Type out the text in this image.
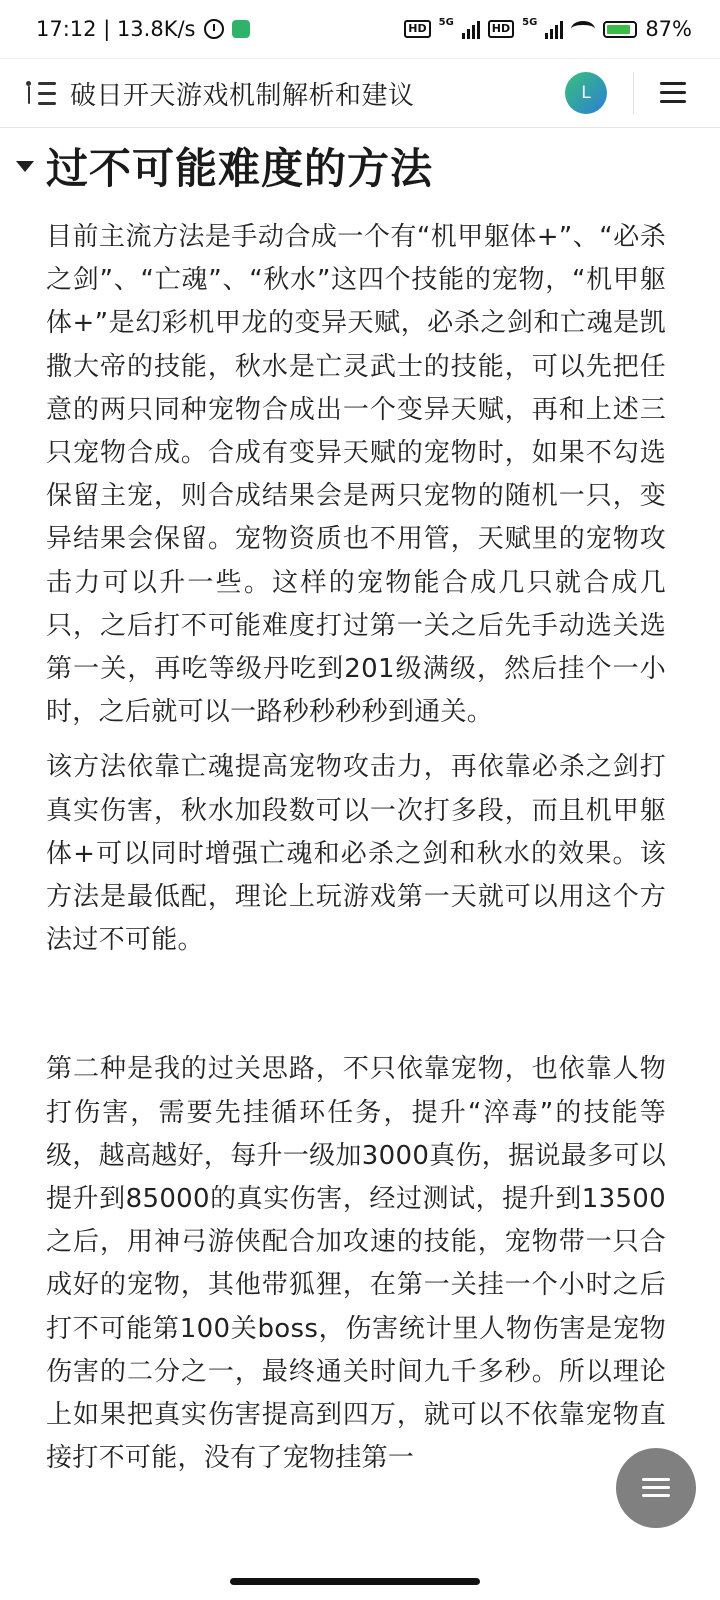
17:12 | 13.8K/s	HD	5G	HD	5G	87%
破日开天游戏机制解析和建议	L
过不可能难度的方法

目前主流方法是手动合成一个有“机甲躯体+”、“必杀之剑”、“亡魂”、“秋水”这四个技能的宠物，“机甲躯体+”是幻彩机甲龙的变异天赋，必杀之剑和亡魂是凯撒大帝的技能，秋水是亡灵武士的技能，可以先把任意的两只同种宠物合成出一个变异天赋，再和上述三只宠物合成。合成有变异天赋的宠物时，如果不勾选保留主宠，则合成结果会是两只宠物的随机一只，变异结果会保留。宠物资质也不用管，天赋里的宠物攻击力可以升一些。这样的宠物能合成几只就合成几只，之后打不可能难度打过第一关之后先手动选关选第一关，再吃等级丹吃到201级满级，然后挂个一小时，之后就可以一路秒秒秒秒到通关。

该方法依靠亡魂提高宠物攻击力，再依靠必杀之剑打真实伤害，秋水加段数可以一次打多段，而且机甲躯体+可以同时增强亡魂和必杀之剑和秋水的效果。该方法是最低配，理论上玩游戏第一天就可以用这个方法过不可能。

第二种是我的过关思路，不只依靠宠物，也依靠人物打伤害，需要先挂循环任务，提升“淬毒”的技能等级，越高越好，每升一级加3000真伤，据说最多可以提升到85000的真实伤害，经过测试，提升到13500之后，用神弓游侠配合加攻速的技能，宠物带一只合成好的宠物，其他带狐狸，在第一关挂一个小时之后打不可能第100关boss，伤害统计里人物伤害是宠物伤害的二分之一，最终通关时间九千多秒。所以理论上如果把真实伤害提高到四万，就可以不依靠宠物直接打不可能，没有了宠物挂第一
